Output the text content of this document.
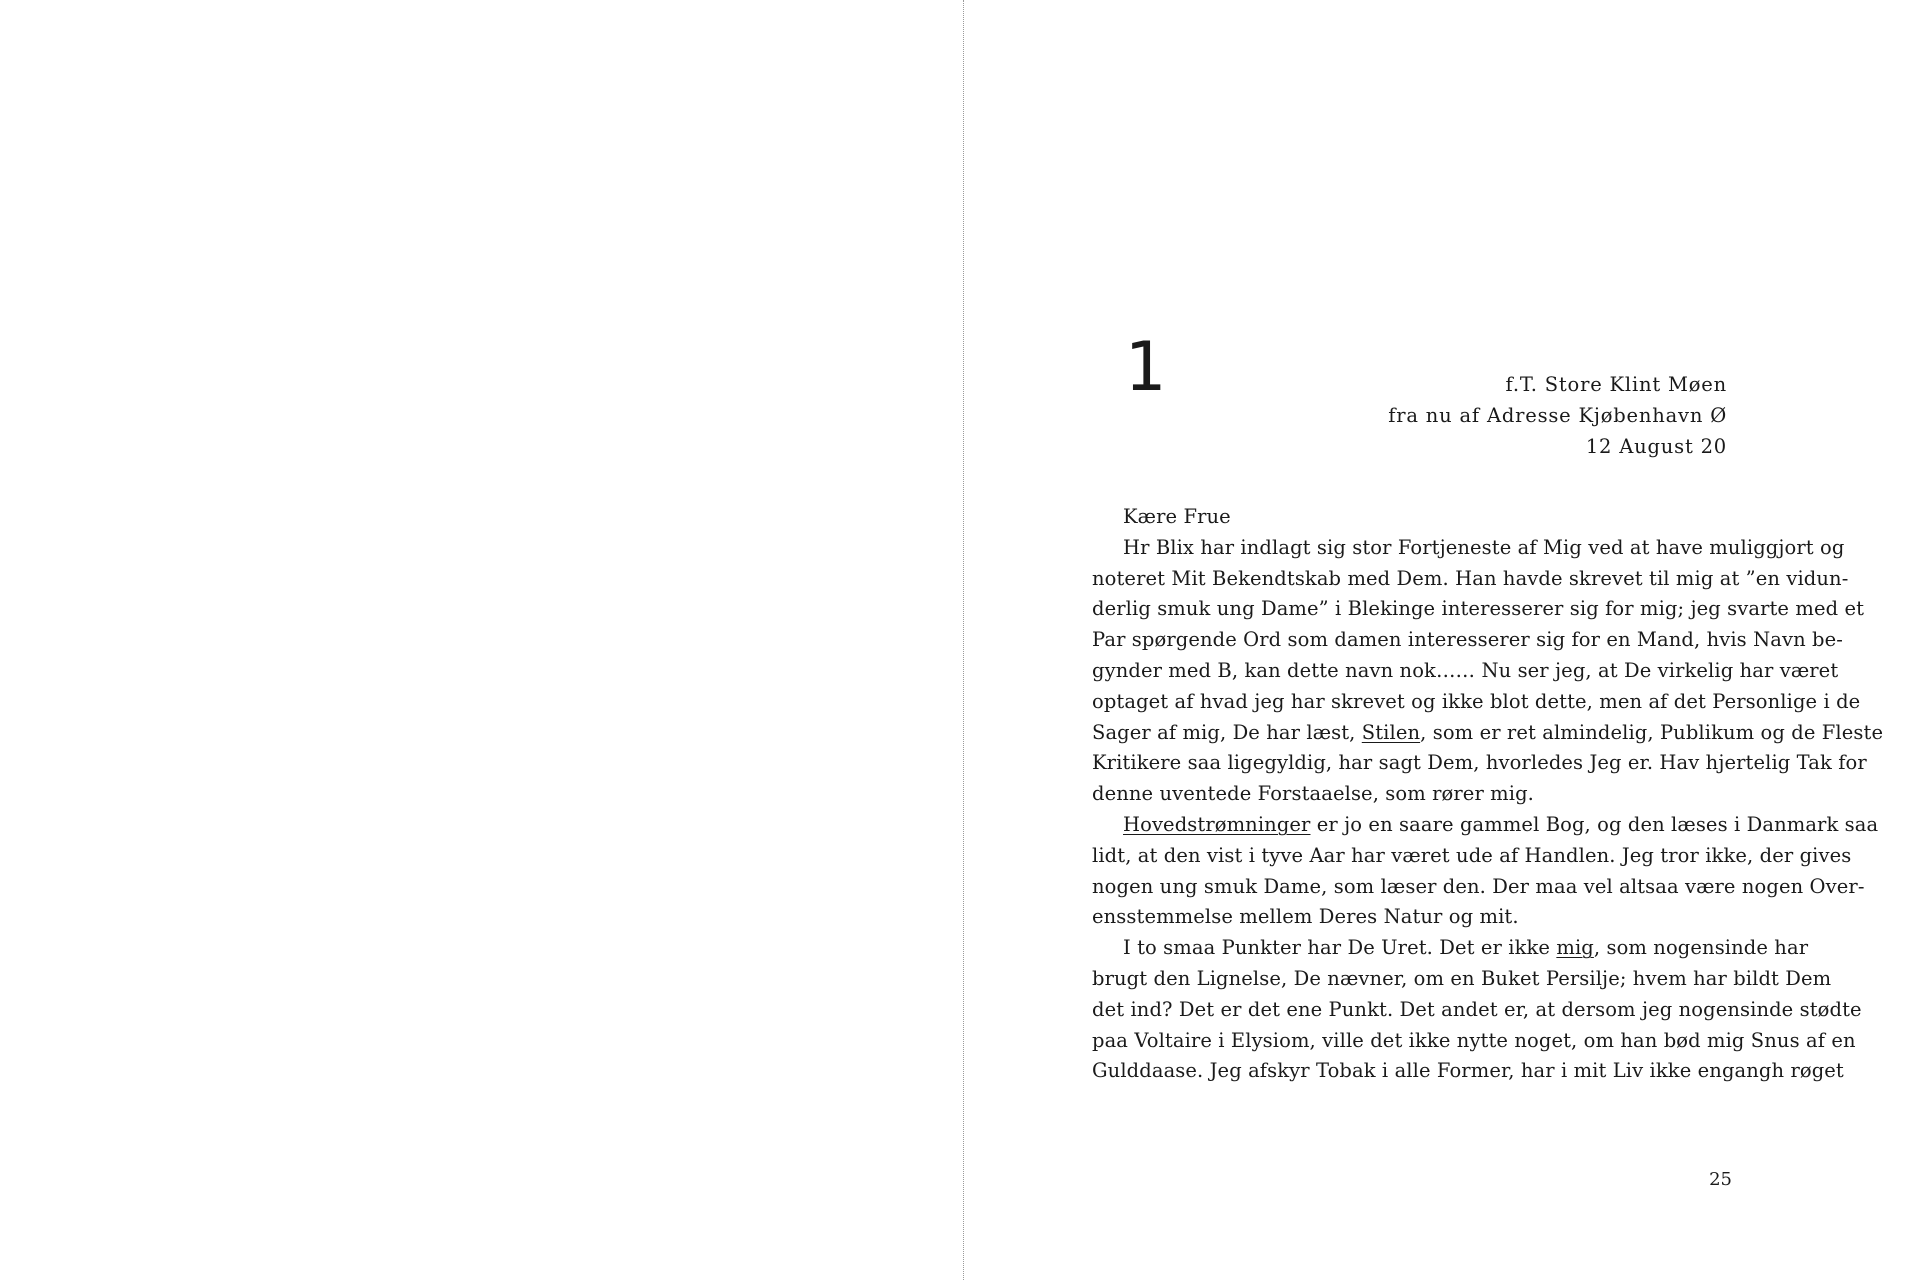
1	f.T. Store Klint Møen
fra nu af Adresse Kjøbenhavn Ø
12 August 20
Kære Frue
Hr Blix har indlagt sig stor Fortjeneste af Mig ved at have muliggjort og
noteret Mit Bekendtskab med Dem. Han havde skrevet til mig at ”en vidun-
derlig smuk ung Dame” i Blekinge interesserer sig for mig; jeg svarte med et
Par spørgende Ord som damen interesserer sig for en Mand, hvis Navn be-
gynder med B, kan dette navn nok…… Nu ser jeg, at De virkelig har været
optaget af hvad jeg har skrevet og ikke blot dette, men af det Personlige i de
Sager af mig, De har læst, Stilen, som er ret almindelig, Publikum og de Fleste
Kritikere saa ligegyldig, har sagt Dem, hvorledes Jeg er. Hav hjertelig Tak for
denne uventede Forstaaelse, som rører mig.
Hovedstrømninger er jo en saare gammel Bog, og den læses i Danmark saa
lidt, at den vist i tyve Aar har været ude af Handlen. Jeg tror ikke, der gives
nogen ung smuk Dame, som læser den. Der maa vel altsaa være nogen Over-
ensstemmelse mellem Deres Natur og mit.
I to smaa Punkter har De Uret. Det er ikke mig, som nogensinde har
brugt den Lignelse, De nævner, om en Buket Persilje; hvem har bildt Dem
det ind? Det er det ene Punkt. Det andet er, at dersom jeg nogensinde stødte
paa Voltaire i Elysiom, ville det ikke nytte noget, om han bød mig Snus af en
Gulddaase. Jeg afskyr Tobak i alle Former, har i mit Liv ikke engangh røget
25
